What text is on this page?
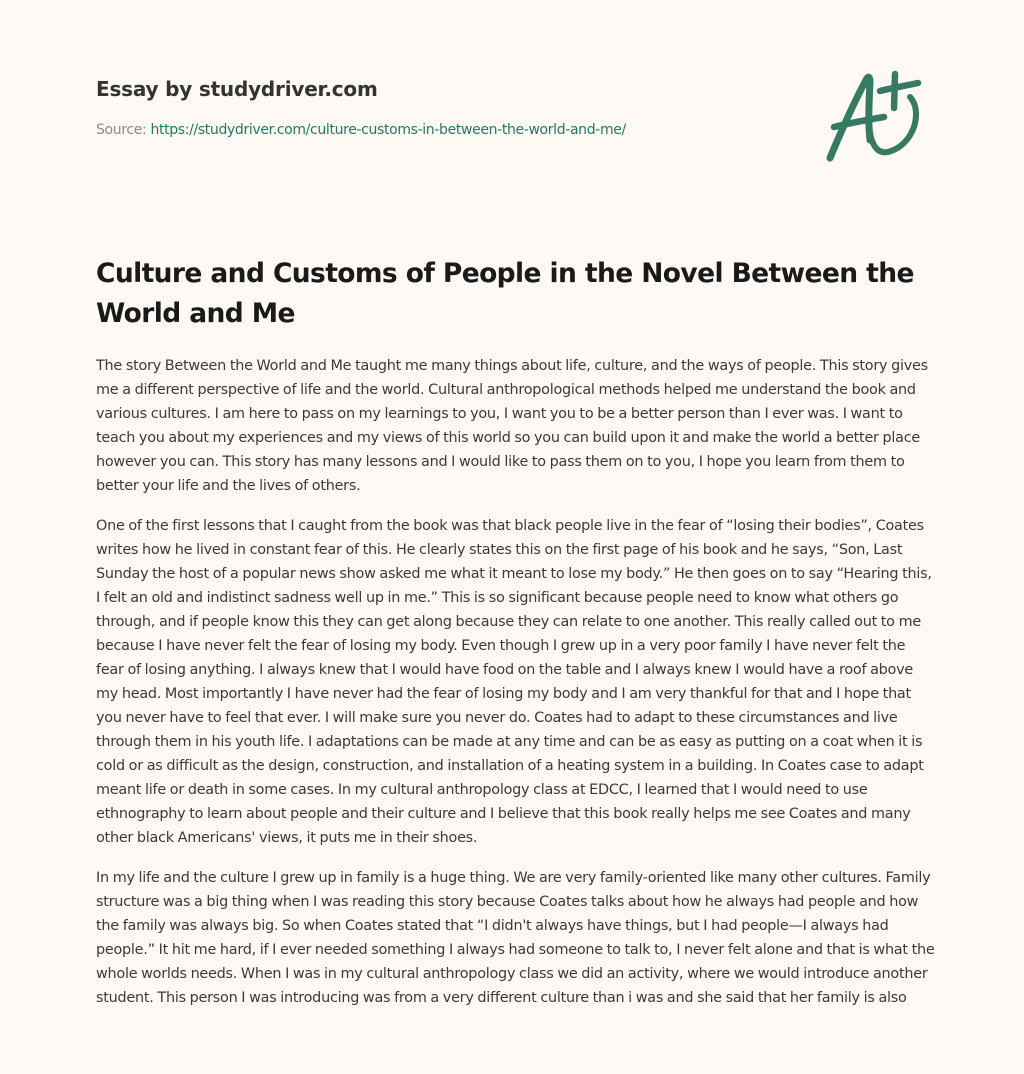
Essay by studydriver.com
Source: https://studydriver.com/culture-customs-in-between-the-world-and-me/
Culture and Customs of People in the Novel Between the World and Me

The story Between the World and Me taught me many things about life, culture, and the ways of people. This story gives me a different perspective of life and the world. Cultural anthropological methods helped me understand the book and various cultures. I am here to pass on my learnings to you, I want you to be a better person than I ever was. I want to teach you about my experiences and my views of this world so you can build upon it and make the world a better place however you can. This story has many lessons and I would like to pass them on to you, I hope you learn from them to better your life and the lives of others.

One of the first lessons that I caught from the book was that black people live in the fear of “losing their bodies”, Coates writes how he lived in constant fear of this. He clearly states this on the first page of his book and he says, “Son, Last Sunday the host of a popular news show asked me what it meant to lose my body.” He then goes on to say “Hearing this, I felt an old and indistinct sadness well up in me.” This is so significant because people need to know what others go through, and if people know this they can get along because they can relate to one another. This really called out to me because I have never felt the fear of losing my body. Even though I grew up in a very poor family I have never felt the fear of losing anything. I always knew that I would have food on the table and I always knew I would have a roof above my head. Most importantly I have never had the fear of losing my body and I am very thankful for that and I hope that you never have to feel that ever. I will make sure you never do. Coates had to adapt to these circumstances and live through them in his youth life. I adaptations can be made at any time and can be as easy as putting on a coat when it is cold or as difficult as the design, construction, and installation of a heating system in a building. In Coates case to adapt meant life or death in some cases. In my cultural anthropology class at EDCC, I learned that I would need to use ethnography to learn about people and their culture and I believe that this book really helps me see Coates and many other black Americans' views, it puts me in their shoes.

In my life and the culture I grew up in family is a huge thing. We are very family-oriented like many other cultures. Family structure was a big thing when I was reading this story because Coates talks about how he always had people and how the family was always big. So when Coates stated that “I didn't always have things, but I had people—I always had people.” It hit me hard, if I ever needed something I always had someone to talk to, I never felt alone and that is what the whole worlds needs. When I was in my cultural anthropology class we did an activity, where we would introduce another student. This person I was introducing was from a very different culture than i was and she said that her family is also
